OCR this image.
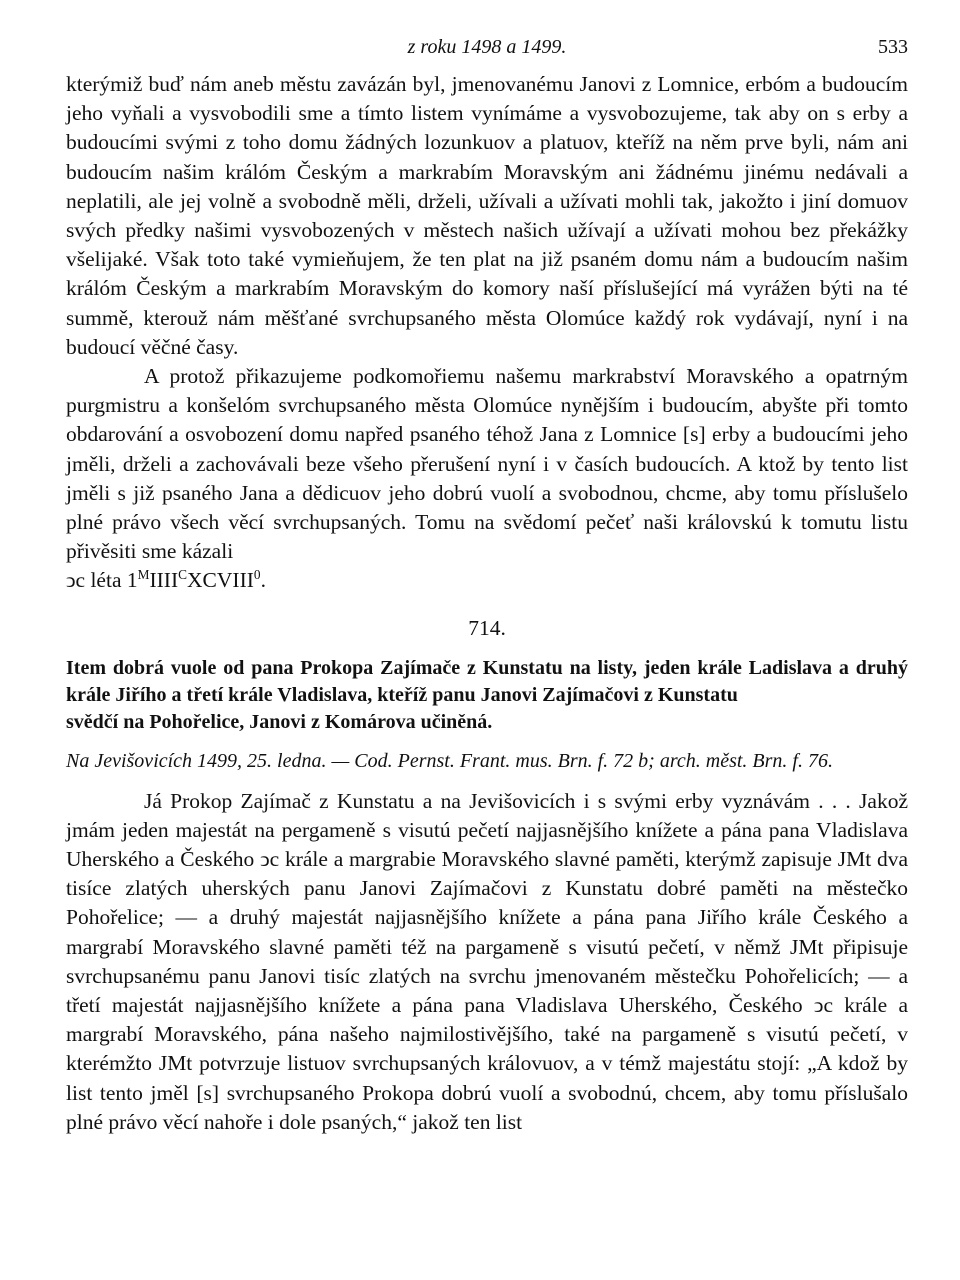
z roku 1498 a 1499.	533

kterýmiž buď nám aneb městu zavázán byl, jmenovanému Janovi z Lomnice, erbóm a budoucím jeho vyňali a vysvobodili sme a tímto listem vynímáme a vysvobozujeme, tak aby on s erby a budoucími svými z toho domu žádných lozunkuov a platuov, kteříž na něm prve byli, nám ani budoucím našim králóm Českým a markrabím Moravským ani žádnému jinému nedávali a neplatili, ale jej volně a svobodně měli, drželi, užívali a užívati mohli tak, jakožto i jiní domuov svých předky našimi vysvobozených v městech našich užívají a užívati mohou bez překážky všelijaké. Však toto také vymieňujem, že ten plat na již psaném domu nám a budoucím našim králóm Českým a markrabím Moravským do komory naší příslušející má vyrážen býti na té summě, kterouž nám měšťané svrchupsaného města Olomúce každý rok vydávají, nyní i na budoucí věčné časy.

A protož přikazujeme podkomořiemu našemu markrabství Moravského a opatrným purgmistru a konšelóm svrchupsaného města Olomúce nynějším i budoucím, abyšte při tomto obdarování a osvobození domu napřed psaného téhož Jana z Lomnice [s] erby a budoucími jeho jměli, drželi a zachovávali beze všeho přerušení nyní i v časích budoucích. A ktož by tento list jměli s již psaného Jana a dědicuov jeho dobrú vuolí a svobodnou, chcme, aby tomu příslušelo plné právo všech věcí svrchupsaných. Tomu na svědomí pečeť naši královskú k tomutu listu přivěsiti sme kázali
ↄc léta $1^MIIII^CXCVIII^0$.

714.

Item dobrá vuole od pana Prokopa Zajímače z Kunstatu na listy, jeden krále Ladislava a druhý krále Jiřího a třetí krále Vladislava, kteříž panu Janovi Zajímačovi z Kunstatu
svědčí na Pohořelice, Janovi z Komárova učiněná.

Na Jevišovicích 1499, 25. ledna. — Cod. Pernst. Frant. mus. Brn. f. 72 b; arch. měst. Brn. f. 76.

Já Prokop Zajímač z Kunstatu a na Jevišovicích i s svými erby vyznávám . . . Jakož jmám jeden majestát na pergameně s visutú pečetí najjasnějšího knížete a pána pana Vladislava Uherského a Českého ↄc krále a margrabie Moravského slavné paměti, kterýmž zapisuje JMt dva tisíce zlatých uherských panu Janovi Zajímačovi z Kunstatu dobré paměti na městečko Pohořelice; — a druhý majestát najjasnějšího knížete a pána pana Jiřího krále Českého a margrabí Moravského slavné paměti též na pargameně s visutú pečetí, v němž JMt připisuje svrchupsanému panu Janovi tisíc zlatých na svrchu jmenovaném městečku Pohořelicích; — a třetí majestát najjasnějšího knížete a pána pana Vladislava Uherského, Českého ↄc krále a margrabí Moravského, pána našeho najmilostivějšího, také na pargameně s visutú pečetí, v kterémžto JMt potvrzuje listuov svrchupsaných královuov, a v témž majestátu stojí: „A kdož by list tento jměl [s] svrchupsaného Prokopa dobrú vuolí a svobodnú, chcem, aby tomu příslušalo plné právo věcí nahoře i dole psaných,“ jakož ten list
